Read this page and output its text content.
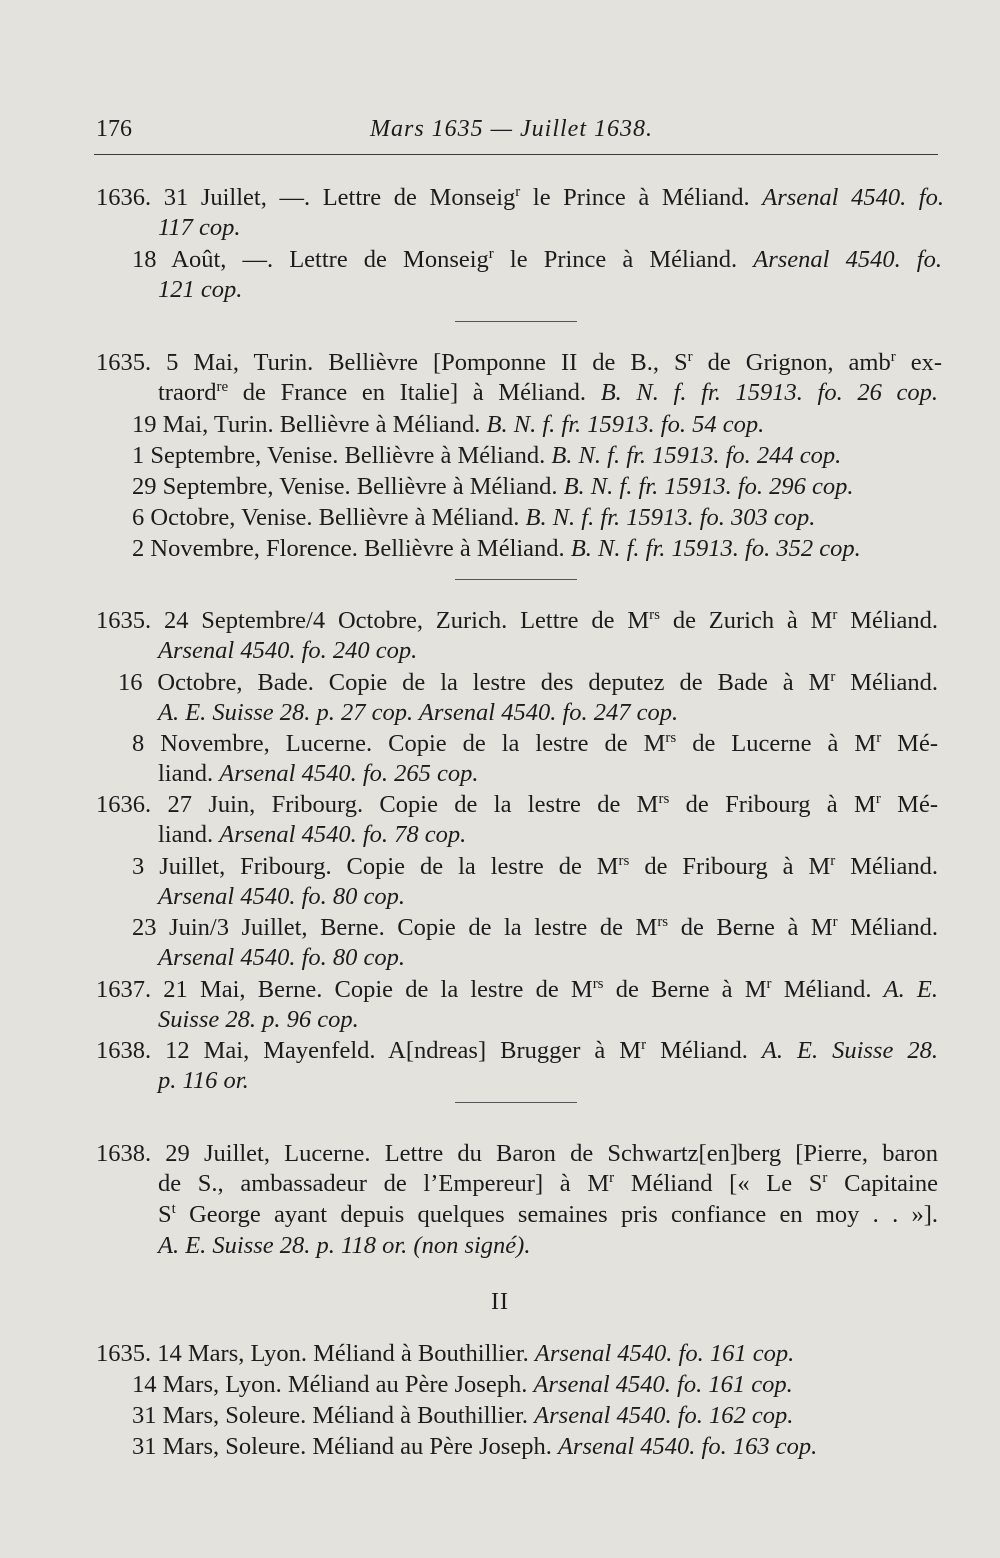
176	Mars 1635 — Juillet 1638.
1636. 31 Juillet, —. Lettre de Monseig$^r$ le Prince à Méliand. Arsenal 4540. fo.
117 cop.
18 Août, —. Lettre de Monseig$^r$ le Prince à Méliand. Arsenal 4540. fo.
121 cop.
1635. 5 Mai, Turin. Bellièvre [Pomponne II de B., $S^r$ de Grignon, amb$^r$ ex-
traord$^{re}$ de France en Italie] à Méliand. B. N. f. fr. 15913. fo. 26 cop.
19 Mai, Turin. Bellièvre à Méliand. B. N. f. fr. 15913. fo. 54 cop.
1 Septembre, Venise. Bellièvre à Méliand. B. N. f. fr. 15913. fo. 244 cop.
29 Septembre, Venise. Bellièvre à Méliand. B. N. f. fr. 15913. fo. 296 cop.
6 Octobre, Venise. Bellièvre à Méliand. B. N. f. fr. 15913. fo. 303 cop.
2 Novembre, Florence. Bellièvre à Méliand. B. N. f. fr. 15913. fo. 352 cop.
1635. 24 Septembre/4 Octobre, Zurich. Lettre de $M^{rs}$ de Zurich à $M^r$ Méliand.
Arsenal 4540. fo. 240 cop.
16 Octobre, Bade. Copie de la lestre des deputez de Bade à $M^r$ Méliand.
A. E. Suisse 28. p. 27 cop. Arsenal 4540. fo. 247 cop.
8 Novembre, Lucerne. Copie de la lestre de $M^{rs}$ de Lucerne à $M^r$ Mé-
liand. Arsenal 4540. fo. 265 cop.
1636. 27 Juin, Fribourg. Copie de la lestre de $M^{rs}$ de Fribourg à $M^r$ Mé-
liand. Arsenal 4540. fo. 78 cop.
3 Juillet, Fribourg. Copie de la lestre de $M^{rs}$ de Fribourg à $M^r$ Méliand.
Arsenal 4540. fo. 80 cop.
23 Juin/3 Juillet, Berne. Copie de la lestre de $M^{rs}$ de Berne à $M^r$ Méliand.
Arsenal 4540. fo. 80 cop.
1637. 21 Mai, Berne. Copie de la lestre de $M^{rs}$ de Berne à $M^r$ Méliand. A. E.
Suisse 28. p. 96 cop.
1638. 12 Mai, Mayenfeld. A[ndreas] Brugger à $M^r$ Méliand. A. E. Suisse 28.
p. 116 or.
1638. 29 Juillet, Lucerne. Lettre du Baron de Schwartz[en]berg [Pierre, baron
de S., ambassadeur de l’Empereur] à $M^r$ Méliand [« Le $S^r$ Capitaine
$S^t$ George ayant depuis quelques semaines pris confiance en moy . . »].
A. E. Suisse 28. p. 118 or. (non signé).
II
1635. 14 Mars, Lyon. Méliand à Bouthillier. Arsenal 4540. fo. 161 cop.
14 Mars, Lyon. Méliand au Père Joseph. Arsenal 4540. fo. 161 cop.
31 Mars, Soleure. Méliand à Bouthillier. Arsenal 4540. fo. 162 cop.
31 Mars, Soleure. Méliand au Père Joseph. Arsenal 4540. fo. 163 cop.
